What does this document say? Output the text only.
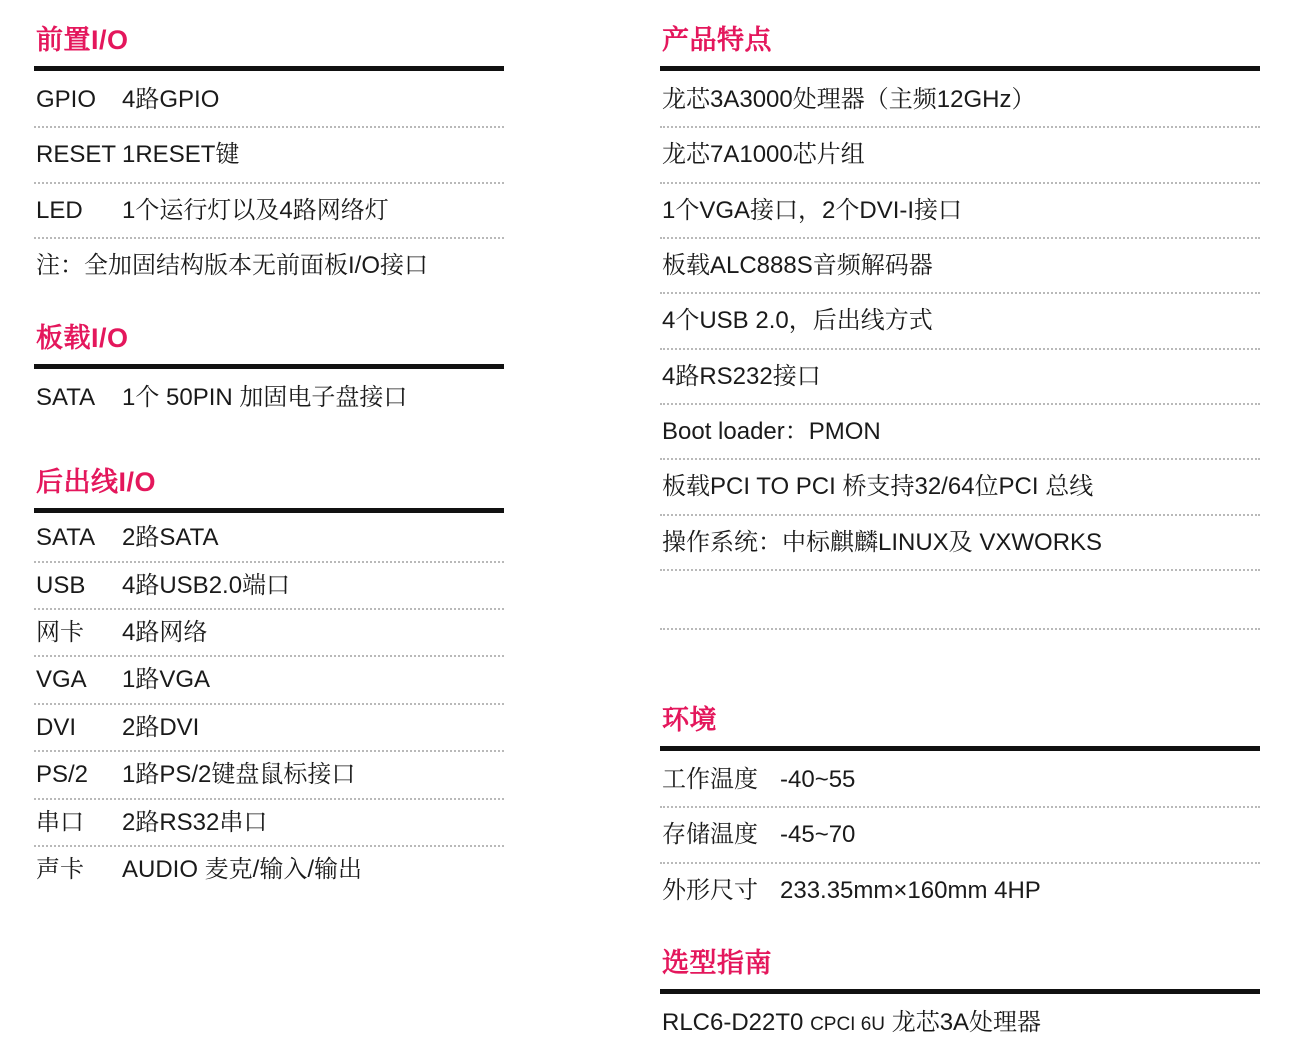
前置I/O
GPIO 4路GPIO
RESET 1RESET键
LED 1个运行灯以及4路网络灯
注：全加固结构版本无前面板I/O接口
板载I/O
SATA 1个 50PIN 加固电子盘接口
后出线I/O
SATA 2路SATA
USB 4路USB2.0端口
网卡 4路网络
VGA 1路VGA
DVI 2路DVI
PS/2 1路PS/2键盘鼠标接口
串口 2路RS32串口
声卡 AUDIO 麦克/输入/输出
产品特点
龙芯3A3000处理器（主频12GHz）
龙芯7A1000芯片组
1个VGA接口，2个DVI-I接口
板载ALC888S音频解码器
4个USB 2.0，后出线方式
4路RS232接口
Boot loader：PMON
板载PCI TO PCI 桥支持32/64位PCI 总线
操作系统：中标麒麟LINUX及 VXWORKS
环境
工作温度 -40~55
存储温度 -45~70
外形尺寸 233.35mm×160mm 4HP
选型指南
RLC6-D22T0 CPCI 6U 龙芯3A处理器
